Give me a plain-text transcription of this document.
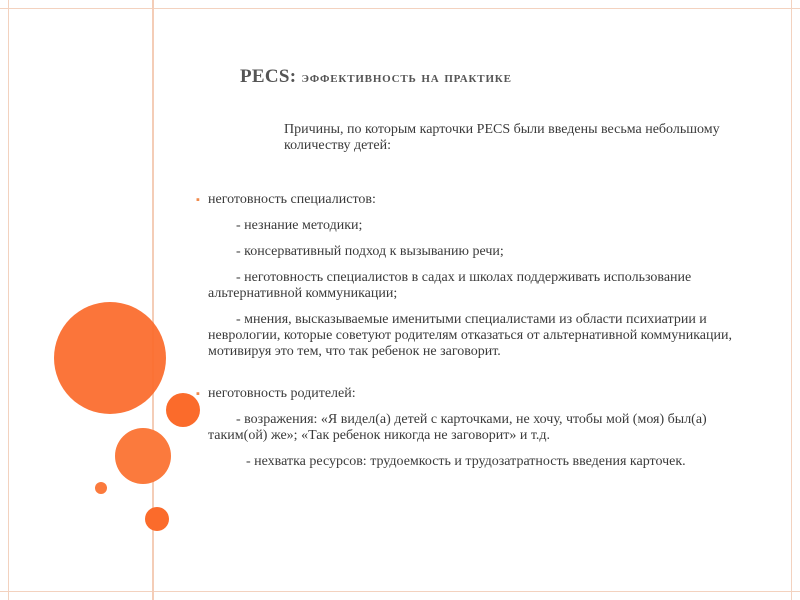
PECS: эффективность на практике

Причины, по которым карточки PECS были введены весьма небольшому количеству детей:

▪ неготовность специалистов:

- незнание методики;

- консервативный подход к вызыванию речи;

- неготовность специалистов в садах и школах поддерживать использование альтернативной коммуникации;

- мнения, высказываемые именитыми специалистами из области психиатрии и неврологии, которые советуют родителям отказаться от альтернативной коммуникации, мотивируя это тем, что так ребенок не заговорит.

▪ неготовность родителей:

- возражения: «Я видел(а) детей с карточками, не хочу, чтобы мой (моя) был(а) таким(ой) же»; «Так ребенок никогда не заговорит» и т.д.

- нехватка ресурсов: трудоемкость и трудозатратность введения карточек.
